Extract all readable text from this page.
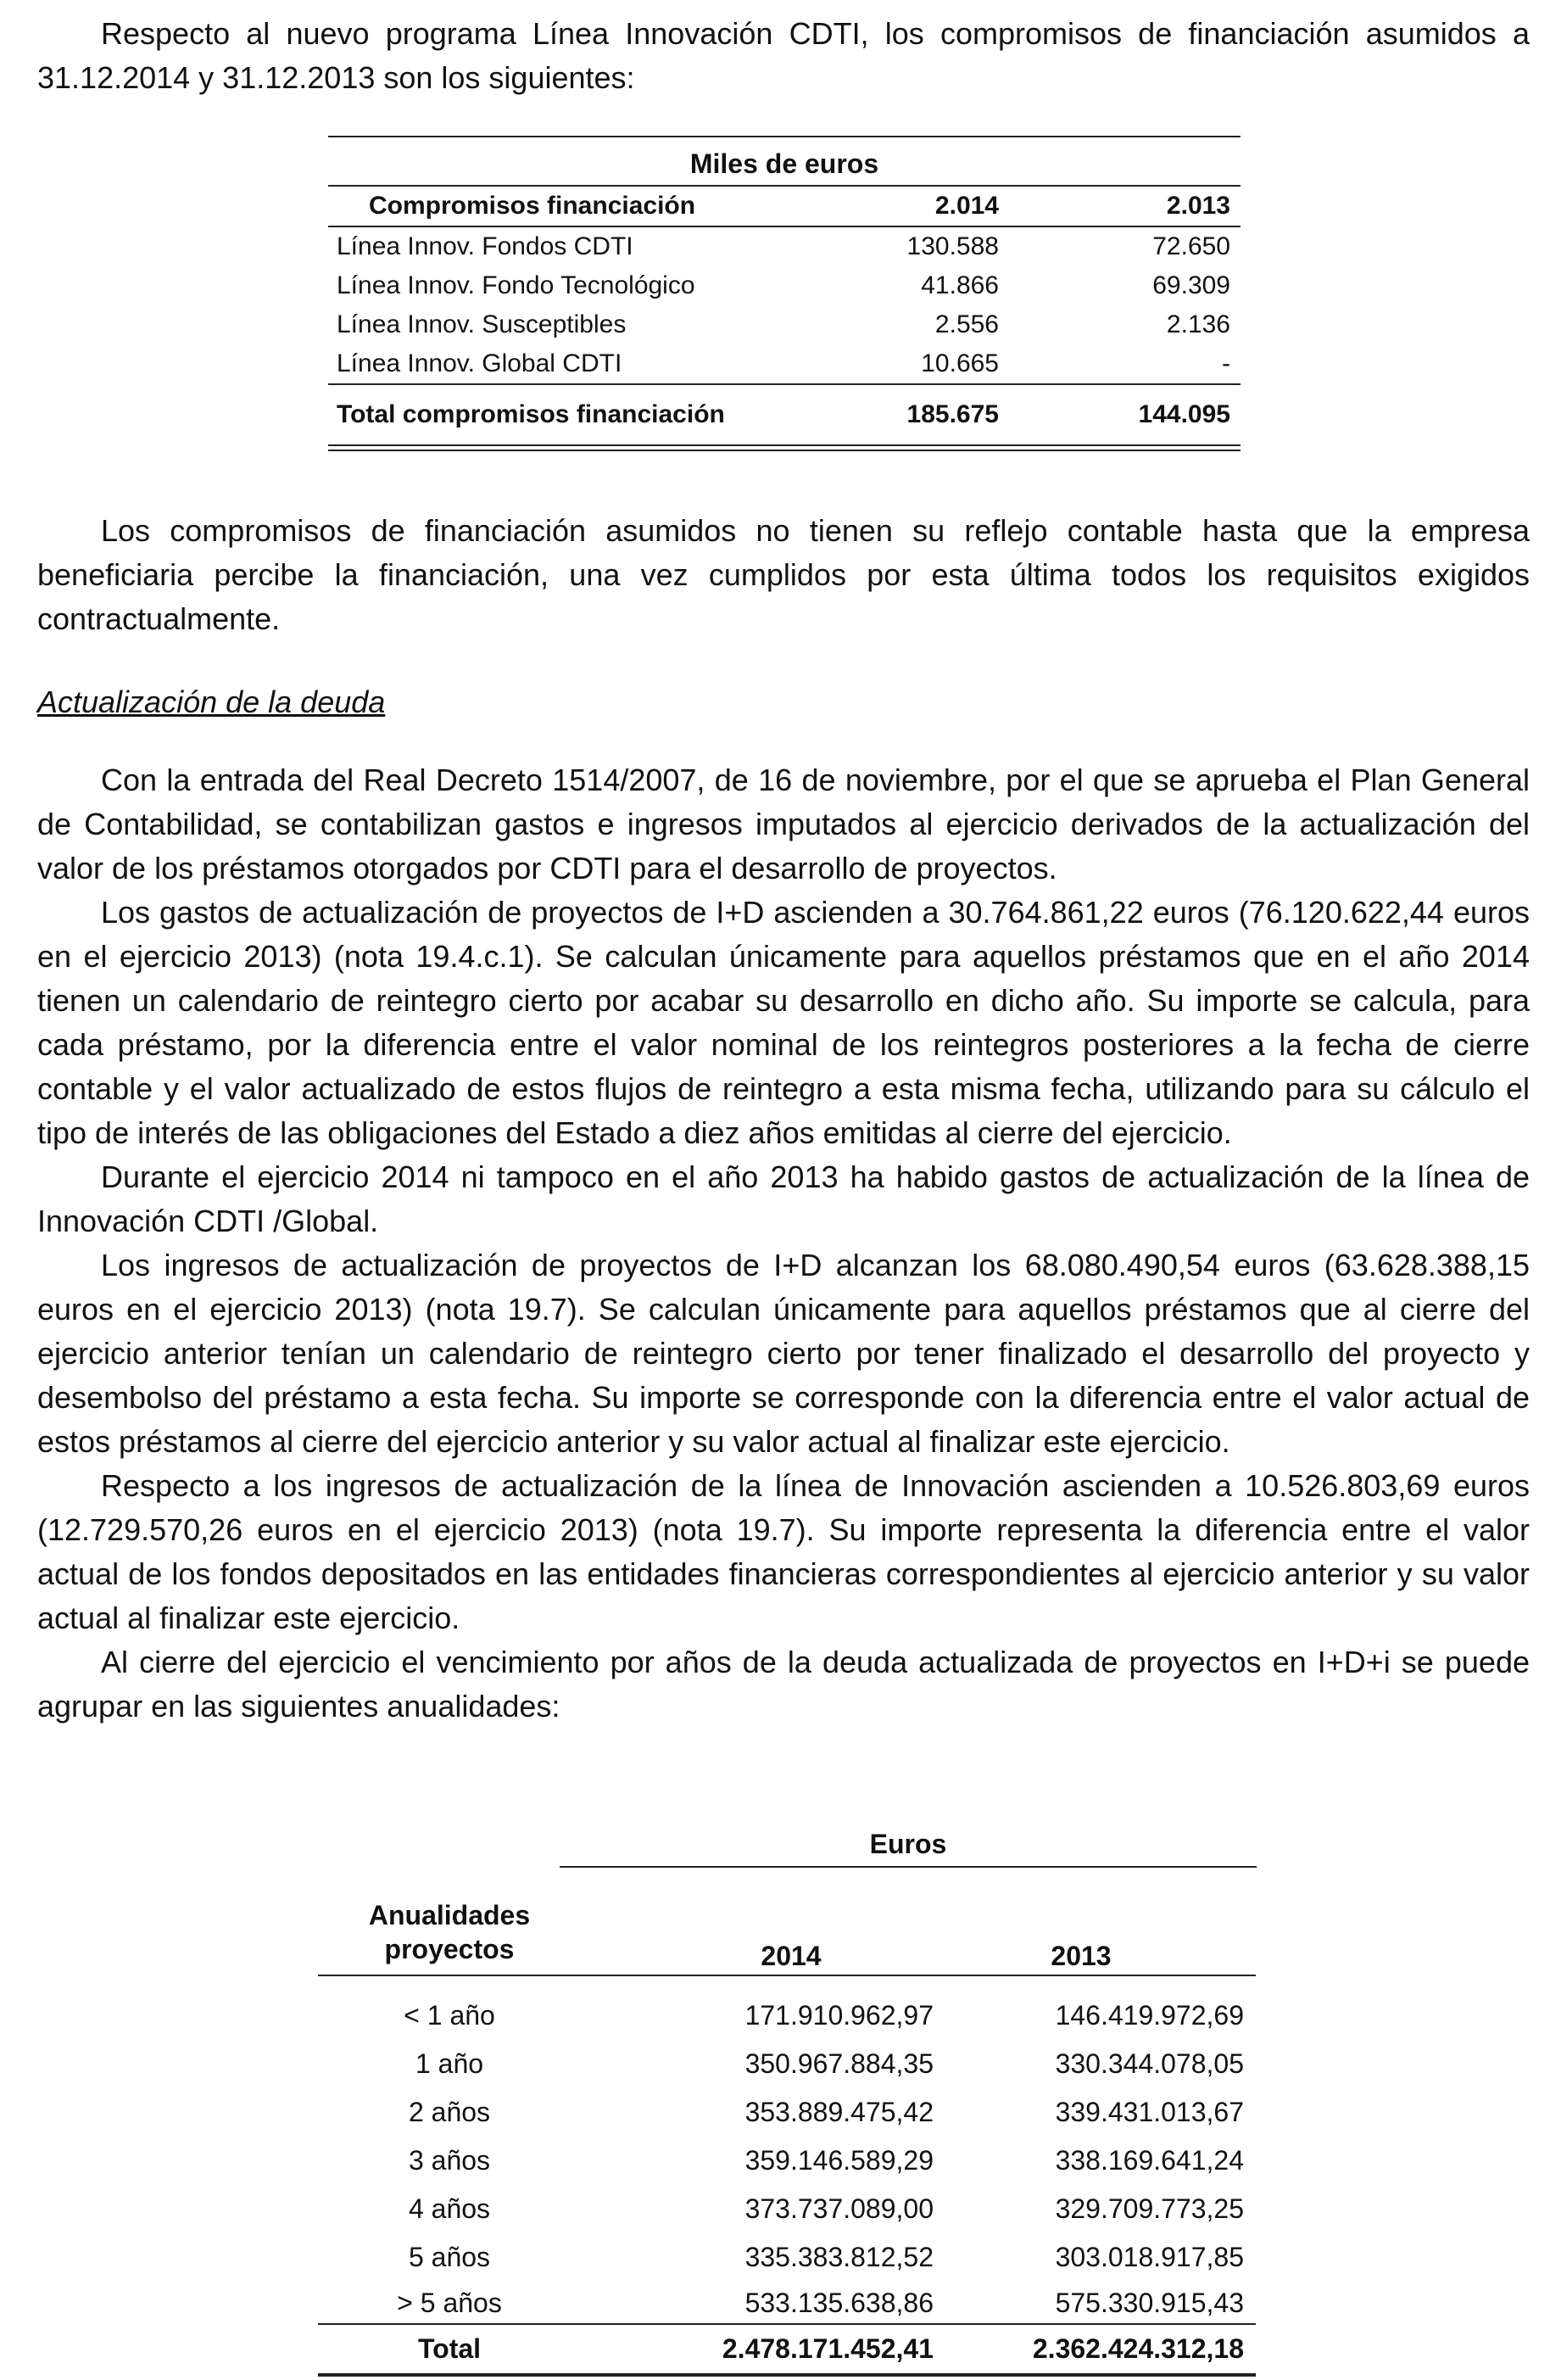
Respecto al nuevo programa Línea Innovación CDTI, los compromisos de financiación asumidos a 31.12.2014 y 31.12.2013 son los siguientes:

Miles de euros
Compromisos financiación	2.014	2.013
Línea Innov. Fondos CDTI	130.588	72.650
Línea Innov. Fondo Tecnológico	41.866	69.309
Línea Innov. Susceptibles	2.556	2.136
Línea Innov. Global CDTI	10.665	-
Total compromisos financiación	185.675	144.095

Los compromisos de financiación asumidos no tienen su reflejo contable hasta que la empresa beneficiaria percibe la financiación, una vez cumplidos por esta última todos los requisitos exigidos contractualmente.

Actualización de la deuda

Con la entrada del Real Decreto 1514/2007, de 16 de noviembre, por el que se aprueba el Plan General de Contabilidad, se contabilizan gastos e ingresos imputados al ejercicio derivados de la actualización del valor de los préstamos otorgados por CDTI para el desarrollo de proyectos.

Los gastos de actualización de proyectos de I+D ascienden a 30.764.861,22 euros (76.120.622,44 euros en el ejercicio 2013) (nota 19.4.c.1). Se calculan únicamente para aquellos préstamos que en el año 2014 tienen un calendario de reintegro cierto por acabar su desarrollo en dicho año. Su importe se calcula, para cada préstamo, por la diferencia entre el valor nominal de los reintegros posteriores a la fecha de cierre contable y el valor actualizado de estos flujos de reintegro a esta misma fecha, utilizando para su cálculo el tipo de interés de las obligaciones del Estado a diez años emitidas al cierre del ejercicio.

Durante el ejercicio 2014 ni tampoco en el año 2013 ha habido gastos de actualización de la línea de Innovación CDTI /Global.

Los ingresos de actualización de proyectos de I+D alcanzan los 68.080.490,54 euros (63.628.388,15 euros en el ejercicio 2013) (nota 19.7). Se calculan únicamente para aquellos préstamos que al cierre del ejercicio anterior tenían un calendario de reintegro cierto por tener finalizado el desarrollo del proyecto y desembolso del préstamo a esta fecha. Su importe se corresponde con la diferencia entre el valor actual de estos préstamos al cierre del ejercicio anterior y su valor actual al finalizar este ejercicio.

Respecto a los ingresos de actualización de la línea de Innovación ascienden a 10.526.803,69 euros (12.729.570,26 euros en el ejercicio 2013) (nota 19.7). Su importe representa la diferencia entre el valor actual de los fondos depositados en las entidades financieras correspondientes al ejercicio anterior y su valor actual al finalizar este ejercicio.

Al cierre del ejercicio el vencimiento por años de la deuda actualizada de proyectos en I+D+i se puede agrupar en las siguientes anualidades:

Euros
Anualidades
proyectos	2014	2013
< 1 año	171.910.962,97	146.419.972,69
1 año	350.967.884,35	330.344.078,05
2 años	353.889.475,42	339.431.013,67
3 años	359.146.589,29	338.169.641,24
4 años	373.737.089,00	329.709.773,25
5 años	335.383.812,52	303.018.917,85
> 5 años	533.135.638,86	575.330.915,43
Total	2.478.171.452,41	2.362.424.312,18
